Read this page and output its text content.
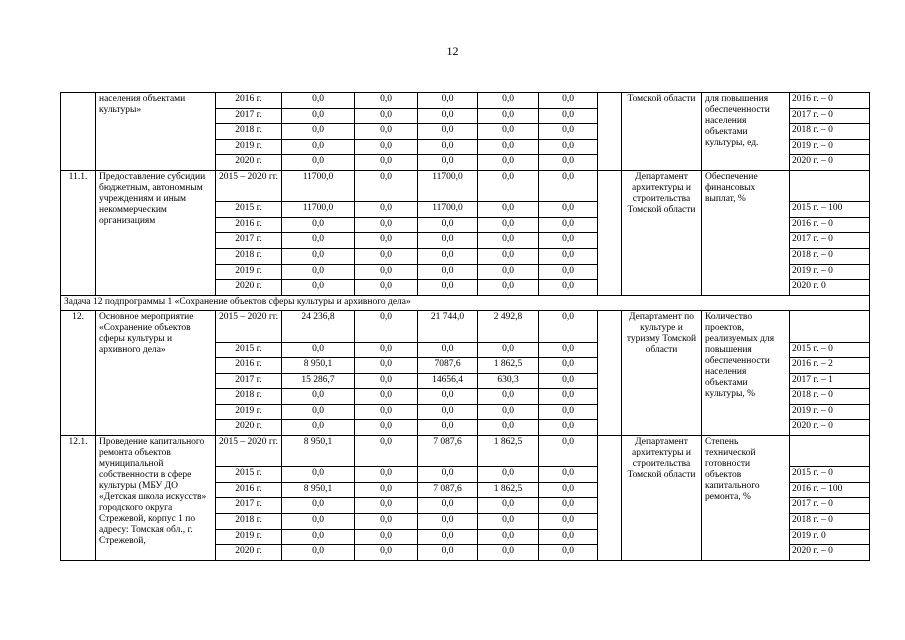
12
	населения объектами культуры»	2016 г.	0,0	0,0	0,0	0,0	0,0		Томской области	для повышения обеспеченности населения объектами культуры, ед.	2016 г. – 0
		2017 г.	0,0	0,0	0,0	0,0	0,0				2017 г. – 0
		2018 г.	0,0	0,0	0,0	0,0	0,0				2018 г. – 0
		2019 г.	0,0	0,0	0,0	0,0	0,0				2019 г. – 0
		2020 г.	0,0	0,0	0,0	0,0	0,0				2020 г. – 0
11.1.	Предоставление субсидии бюджетным, автономным учреждениям и иным некоммерческим организациям	2015 – 2020 гг.	11700,0	0,0	11700,0	0,0	0,0		Департамент архитектуры и строительства Томской области	Обеспечение финансовых выплат, %	
		2015 г.	11700,0	0,0	11700,0	0,0	0,0				2015 г. – 100
		2016 г.	0,0	0,0	0,0	0,0	0,0				2016 г. – 0
		2017 г.	0,0	0,0	0,0	0,0	0,0				2017 г. – 0
		2018 г.	0,0	0,0	0,0	0,0	0,0				2018 г. – 0
		2019 г.	0,0	0,0	0,0	0,0	0,0				2019 г. – 0
		2020 г.	0,0	0,0	0,0	0,0	0,0				2020 г. 0
Задача 12 подпрограммы 1 «Сохранение объектов сферы культуры и архивного дела»											
12.	Основное мероприятие «Сохранение объектов сферы культуры и архивного дела»	2015 – 2020 гг.	24 236,8	0,0	21 744,0	2 492,8	0,0		Департамент по культуре и туризму Томской области	Количество проектов, реализуемых для повышения обеспеченности населения объектами культуры, %	
		2015 г.	0,0	0,0	0,0	0,0	0,0				2015 г. – 0
		2016 г.	8 950,1	0,0	7087,6	1 862,5	0,0				2016 г. – 2
		2017 г.	15 286,7	0,0	14656,4	630,3	0,0				2017 г. – 1
		2018 г.	0,0	0,0	0,0	0,0	0,0				2018 г. – 0
		2019 г.	0,0	0,0	0,0	0,0	0,0				2019 г. – 0
		2020 г.	0,0	0,0	0,0	0,0	0,0				2020 г. – 0
12.1.	Проведение капитального ремонта объектов муниципальной собственности в сфере культуры (МБУ ДО «Детская школа искусств» городского округа Стрежевой, корпус 1 по адресу: Томская обл., г. Стрежевой,	2015 – 2020 гг.	8 950,1	0,0	7 087,6	1 862,5	0,0		Департамент архитектуры и строительства Томской области	Степень технической готовности объектов капитального ремонта, %	
		2015 г.	0,0	0,0	0,0	0,0	0,0				2015 г. – 0
		2016 г.	8 950,1	0,0	7 087,6	1 862,5	0,0				2016 г. – 100
		2017 г.	0,0	0,0	0,0	0,0	0,0				2017 г. – 0
		2018 г.	0,0	0,0	0,0	0,0	0,0				2018 г. – 0
		2019 г.	0,0	0,0	0,0	0,0	0,0				2019 г. 0
		2020 г.	0,0	0,0	0,0	0,0	0,0				2020 г. – 0
